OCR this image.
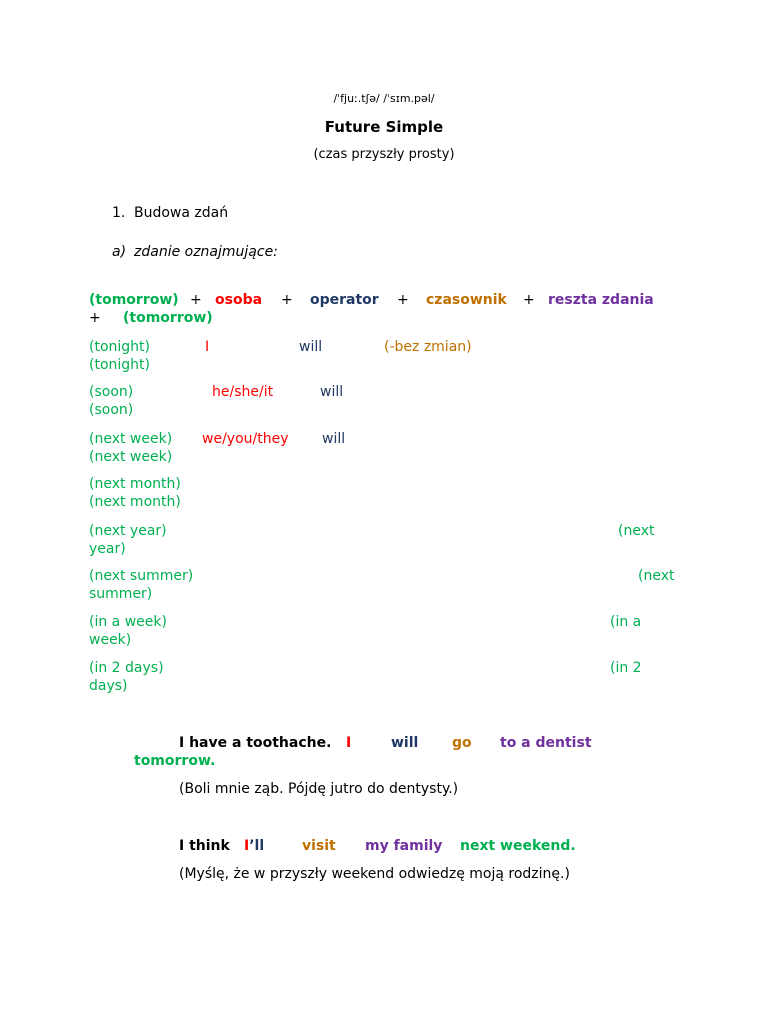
/ˈfjuː.tʃə/ /ˈsɪm.pəl/
Future Simple
(czas przyszły prosty)
1. Budowa zdań
a) zdanie oznajmujące:
(tomorrow) + osoba + operator + czasownik + reszta zdania
+ (tomorrow)
(tonight)	I	will	(-bez zmian)
(tonight)
(soon)	he/she/it	will
(soon)
(next week) we/you/they will
(next week)
(next month)
(next month)
(next year)	(next
year)
(next summer)	(next
summer)
(in a week)	(in a
week)
(in 2 days)	(in 2
days)
I have a toothache. I	will go to a dentist
tomorrow.
(Boli mnie ząb. Pójdę jutro do dentysty.)
I think I’ll	visit my family next weekend.
(Myślę, że w przyszły weekend odwiedzę moją rodzinę.)
